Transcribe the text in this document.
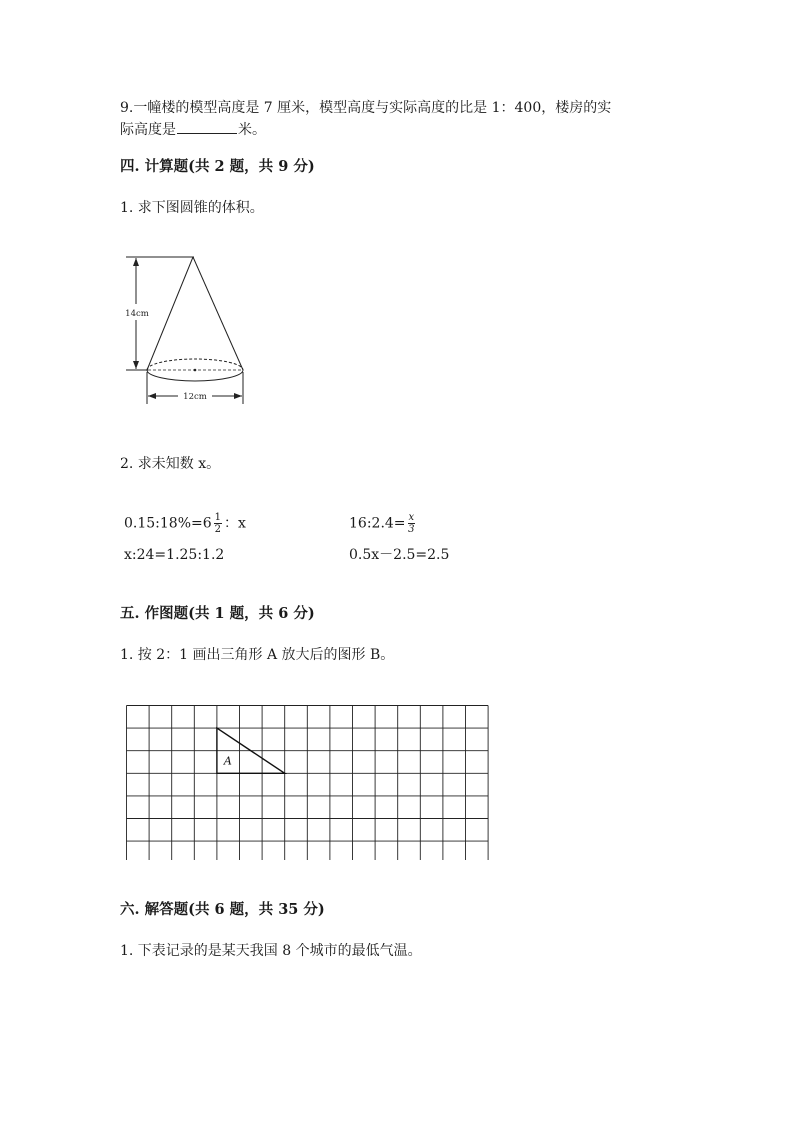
9.一幢楼的模型高度是 7 厘米，模型高度与实际高度的比是 1：400，楼房的实
际高度是	米。
四. 计算题(共 2 题，共 9 分)
1. 求下图圆锥的体积。
14cm
12cm
2. 求未知数 x。
0.15:18%=6 $\frac{1}{2}$ ：x	16:2.4= $\frac{x}{3}$
x:24=1.25:1.2	0.5x－2.5=2.5
五. 作图题(共 1 题，共 6 分)
1. 按 2：1 画出三角形 A 放大后的图形 B。
A
六. 解答题(共 6 题，共 35 分)
1. 下表记录的是某天我国 8 个城市的最低气温。
